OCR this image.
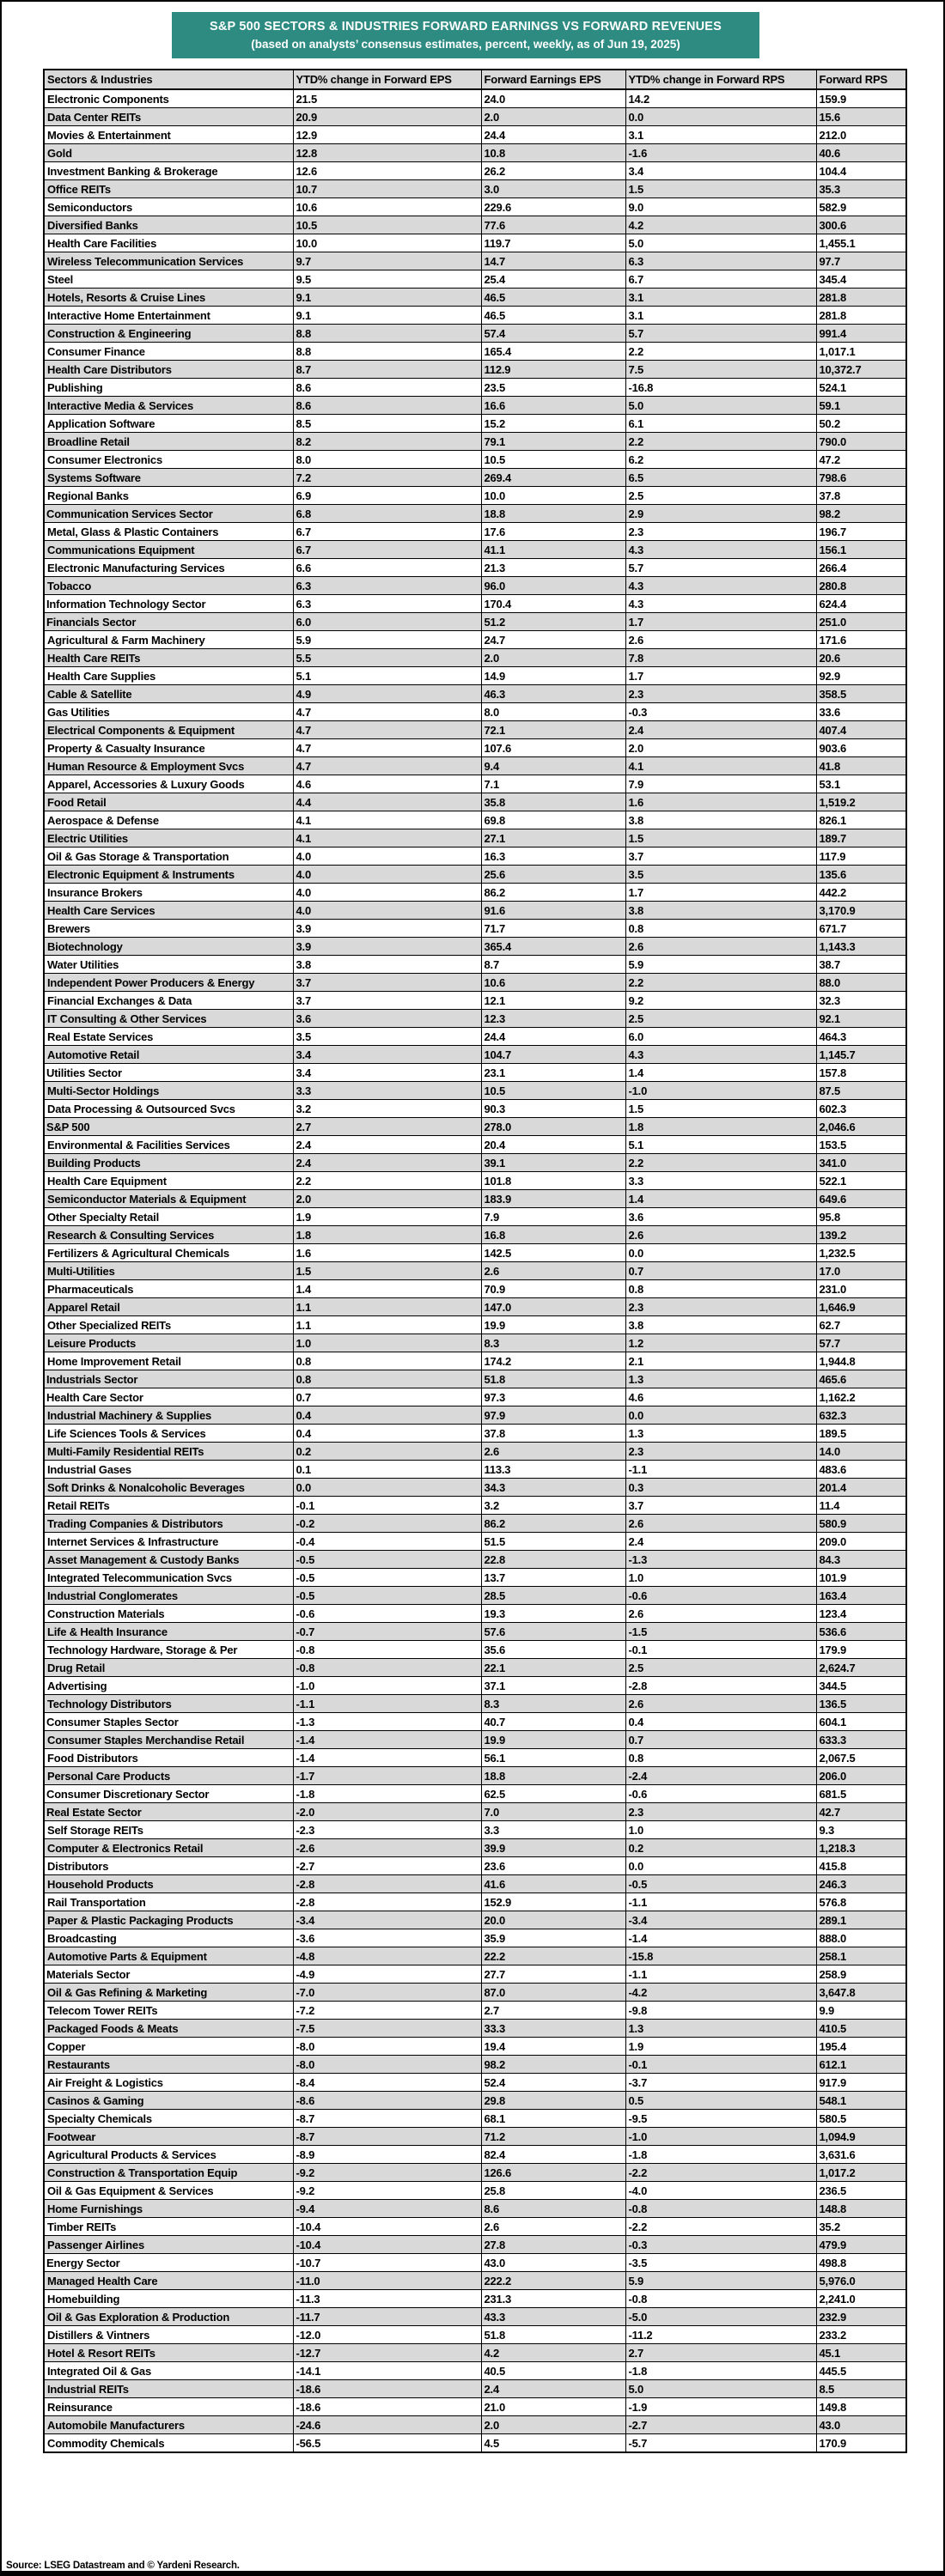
S&P 500 SECTORS & INDUSTRIES FORWARD EARNINGS VS FORWARD REVENUES
(based on analysts’ consensus estimates, percent, weekly, as of Jun 19, 2025)
Sectors & Industries	YTD% change in Forward EPS	Forward Earnings EPS	YTD% change in Forward RPS	Forward RPS
Electronic Components	21.5	24.0	14.2	159.9
Data Center REITs	20.9	2.0	0.0	15.6
Movies & Entertainment	12.9	24.4	3.1	212.0
Gold	12.8	10.8	-1.6	40.6
Investment Banking & Brokerage	12.6	26.2	3.4	104.4
Office REITs	10.7	3.0	1.5	35.3
Semiconductors	10.6	229.6	9.0	582.9
Diversified Banks	10.5	77.6	4.2	300.6
Health Care Facilities	10.0	119.7	5.0	1,455.1
Wireless Telecommunication Services	9.7	14.7	6.3	97.7
Steel	9.5	25.4	6.7	345.4
Hotels, Resorts & Cruise Lines	9.1	46.5	3.1	281.8
Interactive Home Entertainment	9.1	46.5	3.1	281.8
Construction & Engineering	8.8	57.4	5.7	991.4
Consumer Finance	8.8	165.4	2.2	1,017.1
Health Care Distributors	8.7	112.9	7.5	10,372.7
Publishing	8.6	23.5	-16.8	524.1
Interactive Media & Services	8.6	16.6	5.0	59.1
Application Software	8.5	15.2	6.1	50.2
Broadline Retail	8.2	79.1	2.2	790.0
Consumer Electronics	8.0	10.5	6.2	47.2
Systems Software	7.2	269.4	6.5	798.6
Regional Banks	6.9	10.0	2.5	37.8
Communication Services Sector	6.8	18.8	2.9	98.2
Metal, Glass & Plastic Containers	6.7	17.6	2.3	196.7
Communications Equipment	6.7	41.1	4.3	156.1
Electronic Manufacturing Services	6.6	21.3	5.7	266.4
Tobacco	6.3	96.0	4.3	280.8
Information Technology Sector	6.3	170.4	4.3	624.4
Financials Sector	6.0	51.2	1.7	251.0
Agricultural & Farm Machinery	5.9	24.7	2.6	171.6
Health Care REITs	5.5	2.0	7.8	20.6
Health Care Supplies	5.1	14.9	1.7	92.9
Cable & Satellite	4.9	46.3	2.3	358.5
Gas Utilities	4.7	8.0	-0.3	33.6
Electrical Components & Equipment	4.7	72.1	2.4	407.4
Property & Casualty Insurance	4.7	107.6	2.0	903.6
Human Resource & Employment Svcs	4.7	9.4	4.1	41.8
Apparel, Accessories & Luxury Goods	4.6	7.1	7.9	53.1
Food Retail	4.4	35.8	1.6	1,519.2
Aerospace & Defense	4.1	69.8	3.8	826.1
Electric Utilities	4.1	27.1	1.5	189.7
Oil & Gas Storage & Transportation	4.0	16.3	3.7	117.9
Electronic Equipment & Instruments	4.0	25.6	3.5	135.6
Insurance Brokers	4.0	86.2	1.7	442.2
Health Care Services	4.0	91.6	3.8	3,170.9
Brewers	3.9	71.7	0.8	671.7
Biotechnology	3.9	365.4	2.6	1,143.3
Water Utilities	3.8	8.7	5.9	38.7
Independent Power Producers & Energy	3.7	10.6	2.2	88.0
Financial Exchanges & Data	3.7	12.1	9.2	32.3
IT Consulting & Other Services	3.6	12.3	2.5	92.1
Real Estate Services	3.5	24.4	6.0	464.3
Automotive Retail	3.4	104.7	4.3	1,145.7
Utilities Sector	3.4	23.1	1.4	157.8
Multi-Sector Holdings	3.3	10.5	-1.0	87.5
Data Processing & Outsourced Svcs	3.2	90.3	1.5	602.3
S&P 500	2.7	278.0	1.8	2,046.6
Environmental & Facilities Services	2.4	20.4	5.1	153.5
Building Products	2.4	39.1	2.2	341.0
Health Care Equipment	2.2	101.8	3.3	522.1
Semiconductor Materials & Equipment	2.0	183.9	1.4	649.6
Other Specialty Retail	1.9	7.9	3.6	95.8
Research & Consulting Services	1.8	16.8	2.6	139.2
Fertilizers & Agricultural Chemicals	1.6	142.5	0.0	1,232.5
Multi-Utilities	1.5	2.6	0.7	17.0
Pharmaceuticals	1.4	70.9	0.8	231.0
Apparel Retail	1.1	147.0	2.3	1,646.9
Other Specialized REITs	1.1	19.9	3.8	62.7
Leisure Products	1.0	8.3	1.2	57.7
Home Improvement Retail	0.8	174.2	2.1	1,944.8
Industrials Sector	0.8	51.8	1.3	465.6
Health Care Sector	0.7	97.3	4.6	1,162.2
Industrial Machinery & Supplies	0.4	97.9	0.0	632.3
Life Sciences Tools & Services	0.4	37.8	1.3	189.5
Multi-Family Residential REITs	0.2	2.6	2.3	14.0
Industrial Gases	0.1	113.3	-1.1	483.6
Soft Drinks & Nonalcoholic Beverages	0.0	34.3	0.3	201.4
Retail REITs	-0.1	3.2	3.7	11.4
Trading Companies & Distributors	-0.2	86.2	2.6	580.9
Internet Services & Infrastructure	-0.4	51.5	2.4	209.0
Asset Management & Custody Banks	-0.5	22.8	-1.3	84.3
Integrated Telecommunication Svcs	-0.5	13.7	1.0	101.9
Industrial Conglomerates	-0.5	28.5	-0.6	163.4
Construction Materials	-0.6	19.3	2.6	123.4
Life & Health Insurance	-0.7	57.6	-1.5	536.6
Technology Hardware, Storage & Per	-0.8	35.6	-0.1	179.9
Drug Retail	-0.8	22.1	2.5	2,624.7
Advertising	-1.0	37.1	-2.8	344.5
Technology Distributors	-1.1	8.3	2.6	136.5
Consumer Staples Sector	-1.3	40.7	0.4	604.1
Consumer Staples Merchandise Retail	-1.4	19.9	0.7	633.3
Food Distributors	-1.4	56.1	0.8	2,067.5
Personal Care Products	-1.7	18.8	-2.4	206.0
Consumer Discretionary Sector	-1.8	62.5	-0.6	681.5
Real Estate Sector	-2.0	7.0	2.3	42.7
Self Storage REITs	-2.3	3.3	1.0	9.3
Computer & Electronics Retail	-2.6	39.9	0.2	1,218.3
Distributors	-2.7	23.6	0.0	415.8
Household Products	-2.8	41.6	-0.5	246.3
Rail Transportation	-2.8	152.9	-1.1	576.8
Paper & Plastic Packaging Products	-3.4	20.0	-3.4	289.1
Broadcasting	-3.6	35.9	-1.4	888.0
Automotive Parts & Equipment	-4.8	22.2	-15.8	258.1
Materials Sector	-4.9	27.7	-1.1	258.9
Oil & Gas Refining & Marketing	-7.0	87.0	-4.2	3,647.8
Telecom Tower REITs	-7.2	2.7	-9.8	9.9
Packaged Foods & Meats	-7.5	33.3	1.3	410.5
Copper	-8.0	19.4	1.9	195.4
Restaurants	-8.0	98.2	-0.1	612.1
Air Freight & Logistics	-8.4	52.4	-3.7	917.9
Casinos & Gaming	-8.6	29.8	0.5	548.1
Specialty Chemicals	-8.7	68.1	-9.5	580.5
Footwear	-8.7	71.2	-1.0	1,094.9
Agricultural Products & Services	-8.9	82.4	-1.8	3,631.6
Construction & Transportation Equip	-9.2	126.6	-2.2	1,017.2
Oil & Gas Equipment & Services	-9.2	25.8	-4.0	236.5
Home Furnishings	-9.4	8.6	-0.8	148.8
Timber REITs	-10.4	2.6	-2.2	35.2
Passenger Airlines	-10.4	27.8	-0.3	479.9
Energy Sector	-10.7	43.0	-3.5	498.8
Managed Health Care	-11.0	222.2	5.9	5,976.0
Homebuilding	-11.3	231.3	-0.8	2,241.0
Oil & Gas Exploration & Production	-11.7	43.3	-5.0	232.9
Distillers & Vintners	-12.0	51.8	-11.2	233.2
Hotel & Resort REITs	-12.7	4.2	2.7	45.1
Integrated Oil & Gas	-14.1	40.5	-1.8	445.5
Industrial REITs	-18.6	2.4	5.0	8.5
Reinsurance	-18.6	21.0	-1.9	149.8
Automobile Manufacturers	-24.6	2.0	-2.7	43.0
Commodity Chemicals	-56.5	4.5	-5.7	170.9
Source: LSEG Datastream and © Yardeni Research.
